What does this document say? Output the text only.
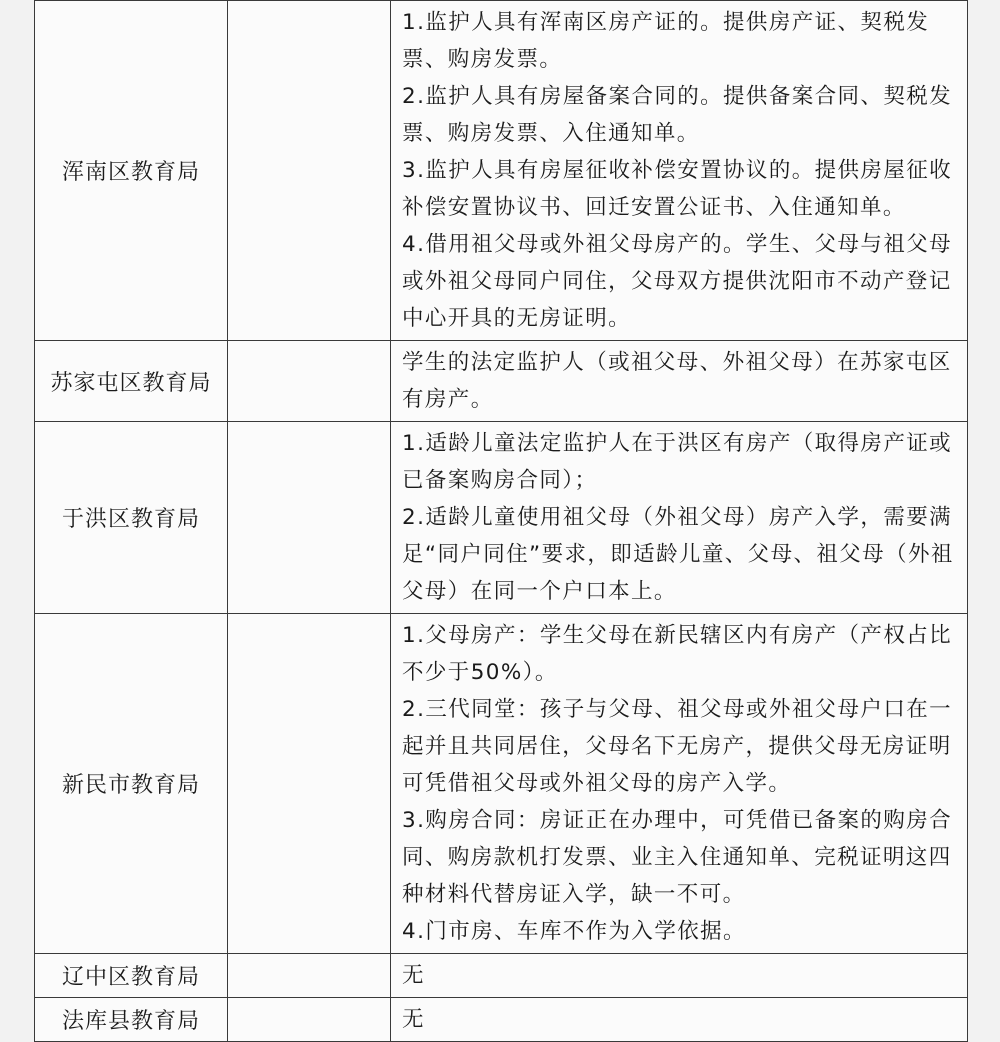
浑南区教育局		1.监护人具有浑南区房产证的。提供房产证、契税发票、购房发票。

2.监护人具有房屋备案合同的。提供备案合同、契税发票、购房发票、入住通知单。

3.监护人具有房屋征收补偿安置协议的。提供房屋征收补偿安置协议书、回迁安置公证书、入住通知单。

4.借用祖父母或外祖父母房产的。学生、父母与祖父母或外祖父母同户同住，父母双方提供沈阳市不动产登记中心开具的无房证明。

苏家屯区教育局		学生的法定监护人（或祖父母、外祖父母）在苏家屯区有房产。

于洪区教育局		1.适龄儿童法定监护人在于洪区有房产（取得房产证或已备案购房合同）；

2.适龄儿童使用祖父母（外祖父母）房产入学，需要满足“同户同住”要求，即适龄儿童、父母、祖父母（外祖父母）在同一个户口本上。

新民市教育局		1.父母房产：学生父母在新民辖区内有房产（产权占比不少于50%）。

2.三代同堂：孩子与父母、祖父母或外祖父母户口在一起并且共同居住，父母名下无房产，提供父母无房证明可凭借祖父母或外祖父母的房产入学。

3.购房合同：房证正在办理中，可凭借已备案的购房合同、购房款机打发票、业主入住通知单、完税证明这四种材料代替房证入学，缺一不可。

4.门市房、车库不作为入学依据。

辽中区教育局		无

法库县教育局		无
